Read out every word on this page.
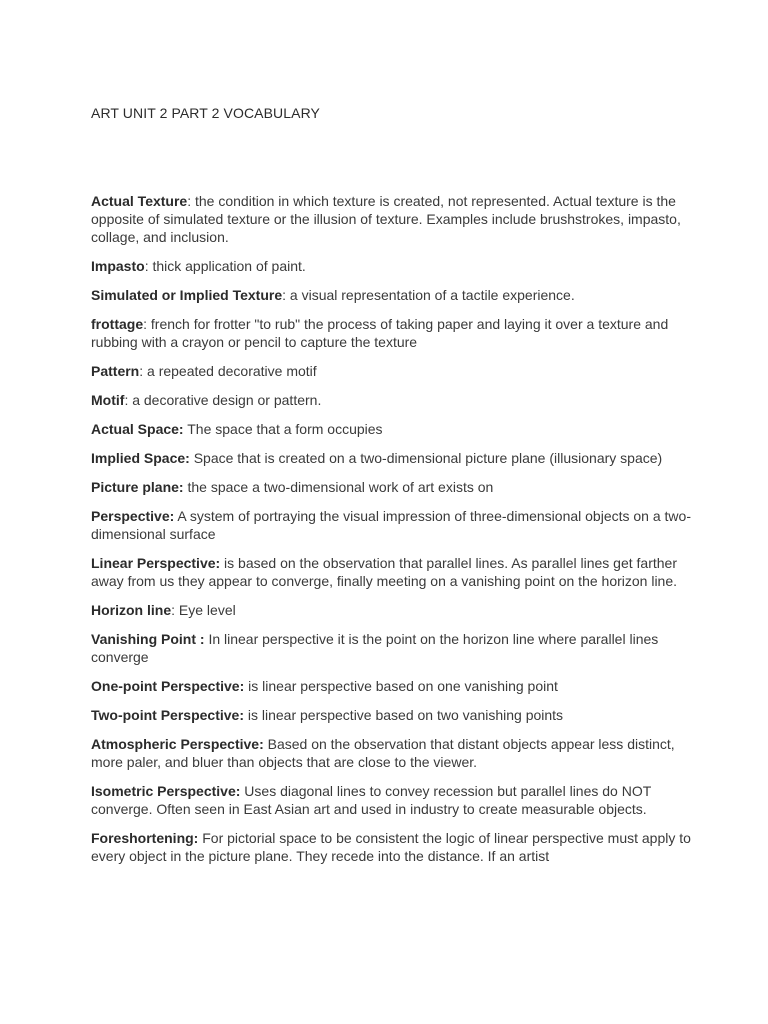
ART UNIT 2 PART 2 VOCABULARY

Actual Texture: the condition in which texture is created, not represented. Actual texture is the opposite of simulated texture or the illusion of texture. Examples include brushstrokes, impasto, collage, and inclusion.

Impasto: thick application of paint.

Simulated or Implied Texture: a visual representation of a tactile experience.

frottage: french for frotter "to rub" the process of taking paper and laying it over a texture and rubbing with a crayon or pencil to capture the texture

Pattern: a repeated decorative motif

Motif: a decorative design or pattern.

Actual Space: The space that a form occupies

Implied Space: Space that is created on a two-dimensional picture plane (illusionary space)

Picture plane: the space a two-dimensional work of art exists on

Perspective: A system of portraying the visual impression of three-dimensional objects on a two-dimensional surface

Linear Perspective: is based on the observation that parallel lines. As parallel lines get farther away from us they appear to converge, finally meeting on a vanishing point on the horizon line.

Horizon line: Eye level

Vanishing Point : In linear perspective it is the point on the horizon line where parallel lines converge

One-point Perspective: is linear perspective based on one vanishing point

Two-point Perspective: is linear perspective based on two vanishing points

Atmospheric Perspective: Based on the observation that distant objects appear less distinct, more paler, and bluer than objects that are close to the viewer.

Isometric Perspective: Uses diagonal lines to convey recession but parallel lines do NOT converge. Often seen in East Asian art and used in industry to create measurable objects.

Foreshortening: For pictorial space to be consistent the logic of linear perspective must apply to every object in the picture plane. They recede into the distance. If an artist
